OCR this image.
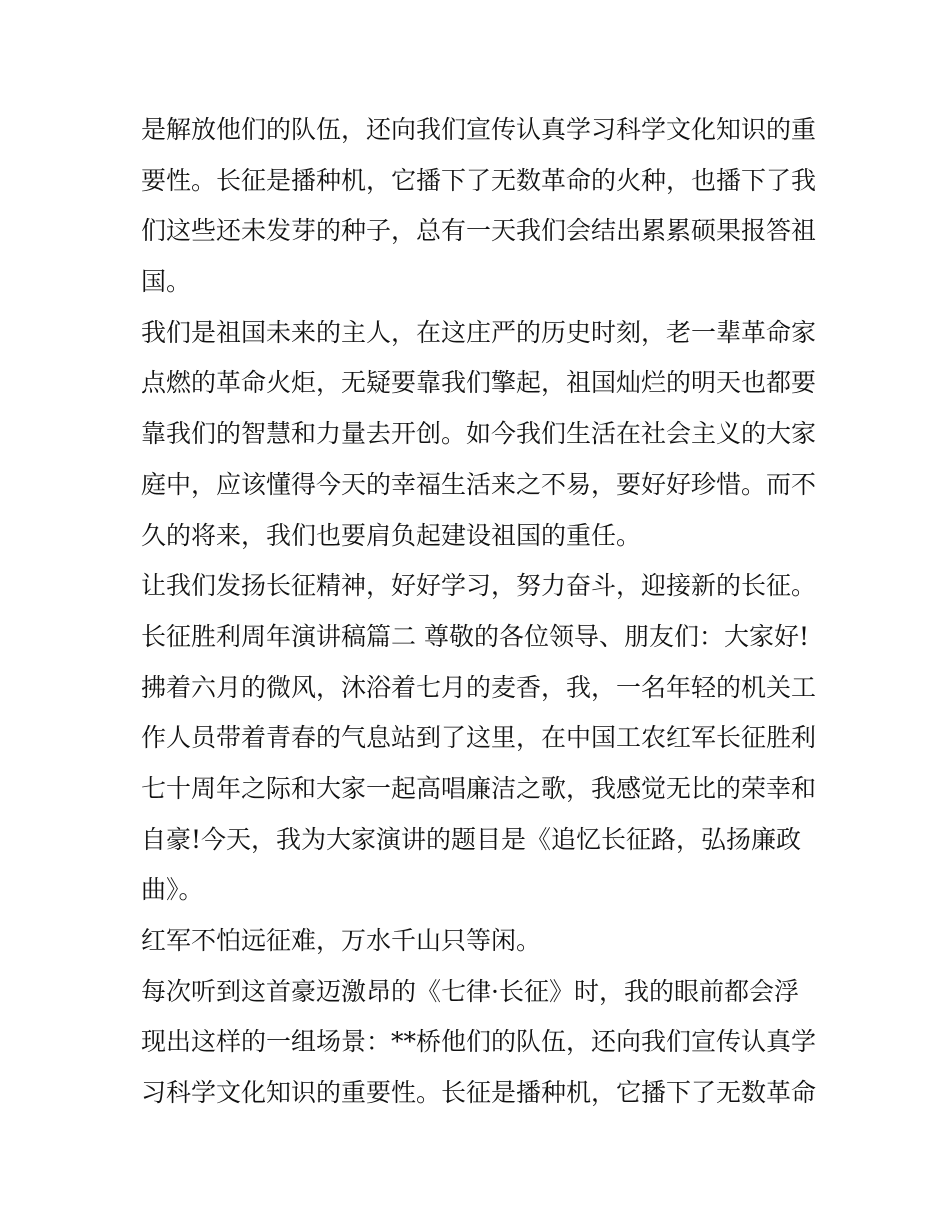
是解放他们的队伍，还向我们宣传认真学习科学文化知识的重
要性。长征是播种机，它播下了无数革命的火种，也播下了我
们这些还未发芽的种子，总有一天我们会结出累累硕果报答祖
国。
我们是祖国未来的主人，在这庄严的历史时刻，老一辈革命家
点燃的革命火炬，无疑要靠我们擎起，祖国灿烂的明天也都要
靠我们的智慧和力量去开创。如今我们生活在社会主义的大家
庭中，应该懂得今天的幸福生活来之不易，要好好珍惜。而不
久的将来，我们也要肩负起建设祖国的重任。
让我们发扬长征精神，好好学习，努力奋斗，迎接新的长征。
长征胜利周年演讲稿篇二 尊敬的各位领导、朋友们：大家好!
拂着六月的微风，沐浴着七月的麦香，我，一名年轻的机关工
作人员带着青春的气息站到了这里，在中国工农红军长征胜利
七十周年之际和大家一起高唱廉洁之歌，我感觉无比的荣幸和
自豪!今天，我为大家演讲的题目是《追忆长征路，弘扬廉政
曲》。
红军不怕远征难，万水千山只等闲。
每次听到这首豪迈激昂的《七律·长征》时，我的眼前都会浮
现出这样的一组场景：**桥他们的队伍，还向我们宣传认真学
习科学文化知识的重要性。长征是播种机，它播下了无数革命
